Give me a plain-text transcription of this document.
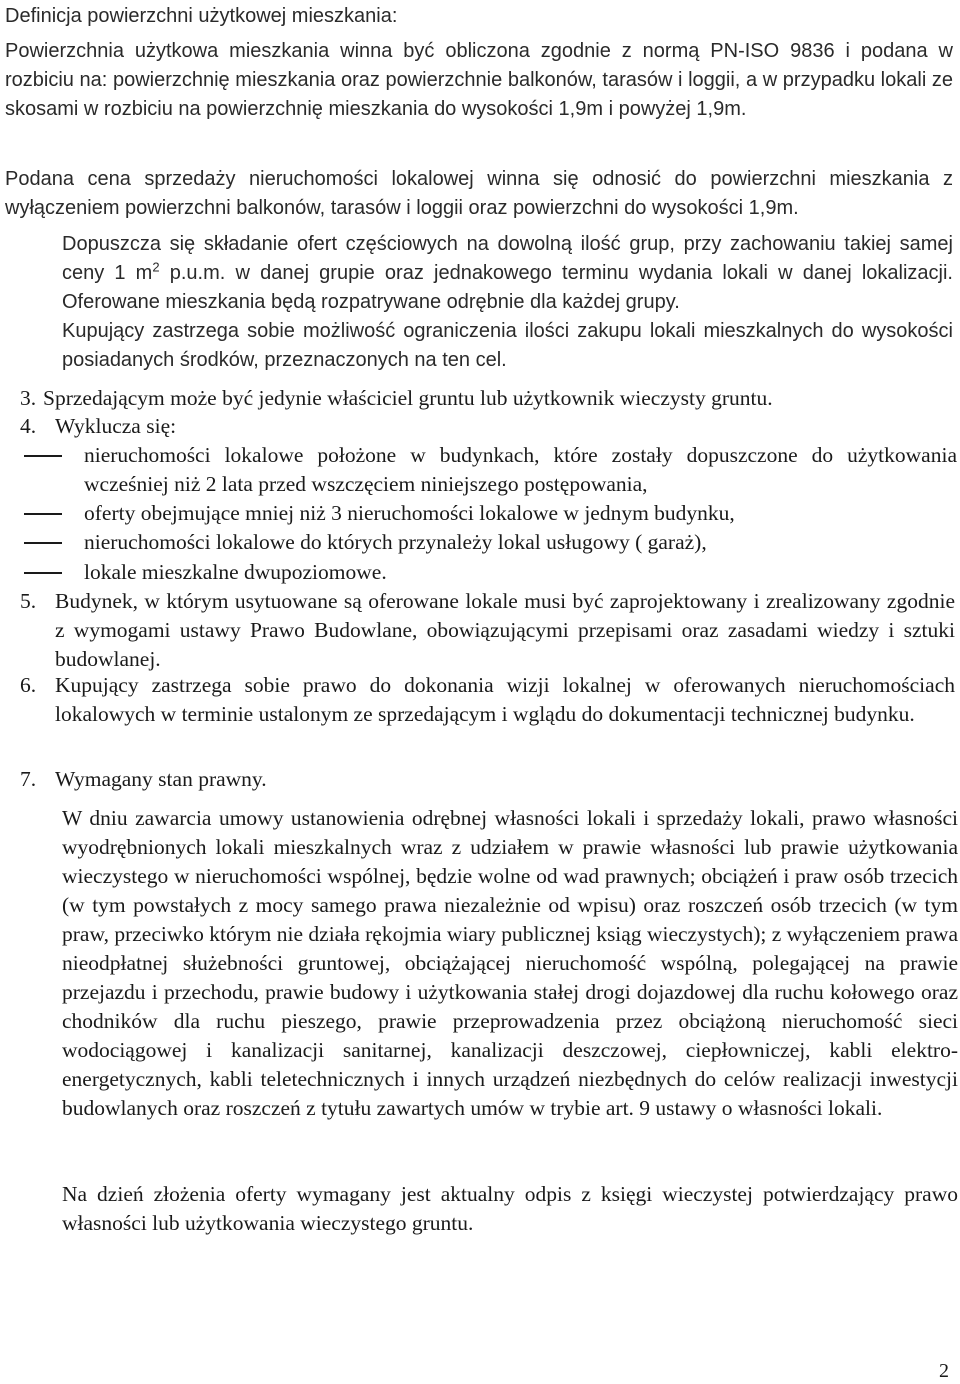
Definicja powierzchni użytkowej mieszkania:
Powierzchnia użytkowa mieszkania winna być obliczona zgodnie z normą PN-ISO 9836 i podana w rozbiciu na: powierzchnię mieszkania oraz powierzchnie balkonów, tarasów i loggii, a w przypadku lokali ze skosami w rozbiciu na powierzchnię mieszkania do wysokości 1,9m i powyżej 1,9m.
Podana cena sprzedaży nieruchomości lokalowej winna się odnosić do powierzchni mieszkania z wyłączeniem powierzchni balkonów, tarasów i loggii oraz powierzchni do wysokości 1,9m.
Dopuszcza się składanie ofert częściowych na dowolną ilość grup, przy zachowaniu takiej samej ceny 1 $m^2$ p.u.m. w danej grupie oraz jednakowego terminu wydania lokali w danej lokalizacji. Oferowane mieszkania będą rozpatrywane odrębnie dla każdej grupy.
Kupujący zastrzega sobie możliwość ograniczenia ilości zakupu lokali mieszkalnych do wysokości posiadanych środków, przeznaczonych na ten cel.
3. Sprzedającym może być jedynie właściciel gruntu lub użytkownik wieczysty gruntu.
4. Wyklucza się:
nieruchomości lokalowe położone w budynkach, które zostały dopuszczone do użytkowania wcześniej niż 2 lata przed wszczęciem niniejszego postępowania,
oferty obejmujące mniej niż 3 nieruchomości lokalowe w jednym budynku,
nieruchomości lokalowe do których przynależy lokal usługowy ( garaż),
lokale mieszkalne dwupoziomowe.
5. Budynek, w którym usytuowane są oferowane lokale musi być zaprojektowany i zrealizowany zgodnie z wymogami ustawy Prawo Budowlane, obowiązującymi przepisami oraz zasadami wiedzy i sztuki budowlanej.
6. Kupujący zastrzega sobie prawo do dokonania wizji lokalnej w oferowanych nieruchomościach lokalowych w terminie ustalonym ze sprzedającym i wglądu do dokumentacji technicznej budynku.
7. Wymagany stan prawny.
W dniu zawarcia umowy ustanowienia odrębnej własności lokali i sprzedaży lokali, prawo własności wyodrębnionych lokali mieszkalnych wraz z udziałem w prawie własności lub prawie użytkowania wieczystego w nieruchomości wspólnej, będzie wolne od wad prawnych; obciążeń i praw osób trzecich (w tym powstałych z mocy samego prawa niezależnie od wpisu) oraz roszczeń osób trzecich (w tym praw, przeciwko którym nie działa rękojmia wiary publicznej ksiąg wieczystych); z wyłączeniem prawa nieodpłatnej służebności gruntowej, obciążającej nieruchomość wspólną, polegającej na prawie przejazdu i przechodu, prawie budowy i użytkowania stałej drogi dojazdowej dla ruchu kołowego oraz chodników dla ruchu pieszego, prawie przeprowadzenia przez obciążoną nieruchomość sieci wodociągowej i kanalizacji sanitarnej, kanalizacji deszczowej, ciepłowniczej, kabli elektro-energetycznych, kabli teletechnicznych i innych urządzeń niezbędnych do celów realizacji inwestycji budowlanych oraz roszczeń z tytułu zawartych umów w trybie art. 9 ustawy o własności lokali.
Na dzień złożenia oferty wymagany jest aktualny odpis z księgi wieczystej potwierdzający prawo własności lub użytkowania wieczystego gruntu.
2
